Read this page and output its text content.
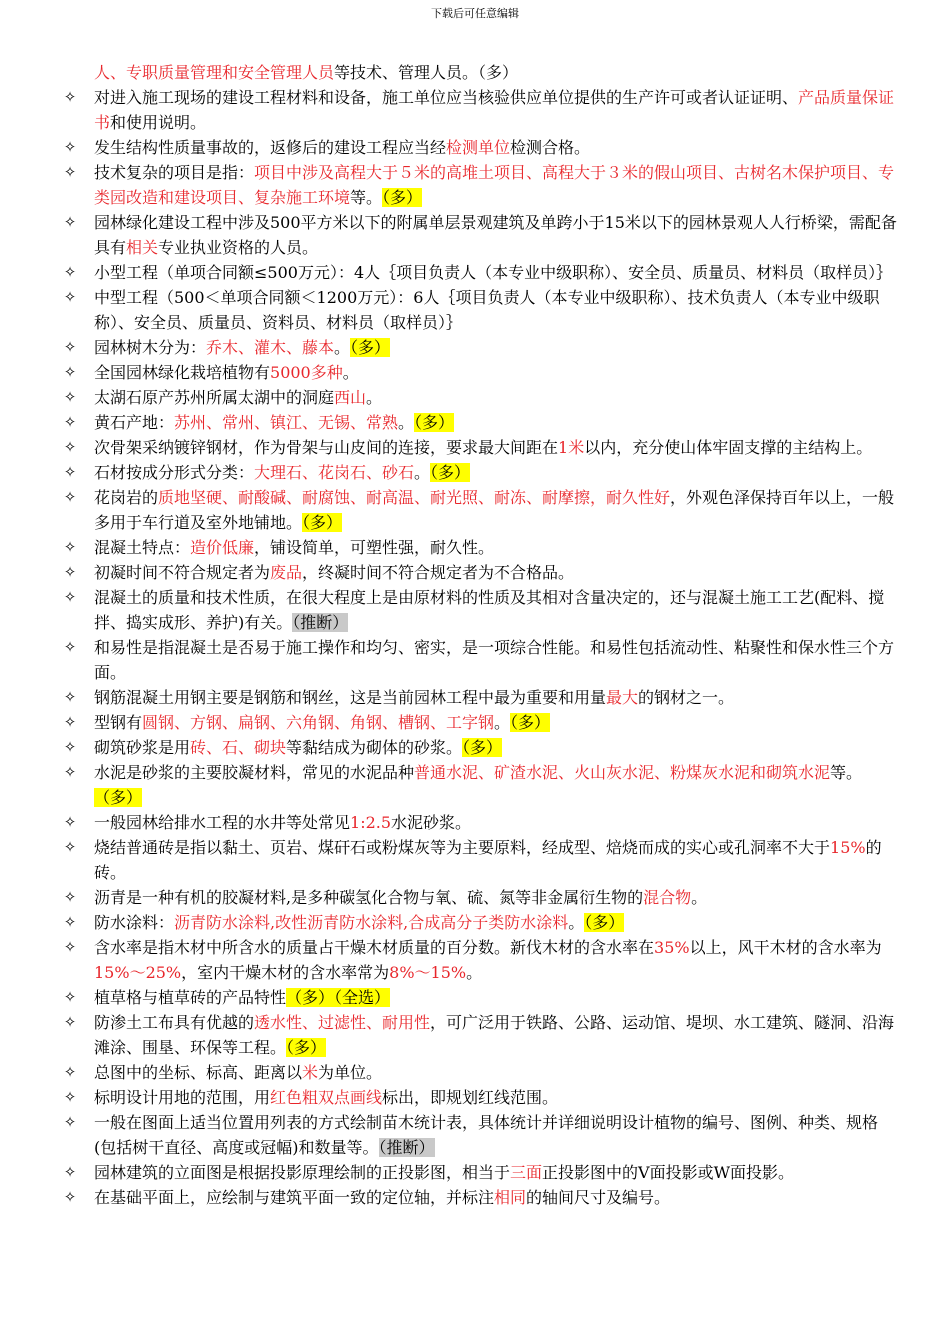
下载后可任意编辑
人、专职质量管理和安全管理人员等技术、管理人员。（多）
✧ 对进入施工现场的建设工程材料和设备，施工单位应当核验供应单位提供的生产许可或者认证证明、产品质量保证书和使用说明。
✧ 发生结构性质量事故的，返修后的建设工程应当经检测单位检测合格。
✧ 技术复杂的项目是指：项目中涉及高程大于５米的高堆土项目、高程大于３米的假山项目、古树名木保护项目、专类园改造和建设项目、复杂施工环境等。（多）
✧ 园林绿化建设工程中涉及500平方米以下的附属单层景观建筑及单跨小于15米以下的园林景观人人行桥梁，需配备具有相关专业执业资格的人员。
✧ 小型工程（单项合同额≤500万元）：4人｛项目负责人（本专业中级职称）、安全员、质量员、材料员（取样员）｝
✧ 中型工程（500＜单项合同额＜1200万元）：6人｛项目负责人（本专业中级职称）、技术负责人（本专业中级职称）、安全员、质量员、资料员、材料员（取样员）｝
✧ 园林树木分为：乔木、灌木、藤本。（多）
✧ 全国园林绿化栽培植物有5000多种。
✧ 太湖石原产苏州所属太湖中的洞庭西山。
✧ 黄石产地：苏州、常州、镇江、无锡、常熟。（多）
✧ 次骨架采纳镀锌钢材，作为骨架与山皮间的连接，要求最大间距在1米以内，充分使山体牢固支撑的主结构上。
✧ 石材按成分形式分类：大理石、花岗石、砂石。（多）
✧ 花岗岩的质地坚硬、耐酸碱、耐腐蚀、耐高温、耐光照、耐冻、耐摩擦，耐久性好，外观色泽保持百年以上，一般多用于车行道及室外地铺地。（多）
✧ 混凝土特点：造价低廉，铺设简单，可塑性强，耐久性。
✧ 初凝时间不符合规定者为废品，终凝时间不符合规定者为不合格品。
✧ 混凝土的质量和技术性质，在很大程度上是由原材料的性质及其相对含量决定的，还与混凝土施工工艺(配料、搅拌、捣实成形、养护)有关。（推断）
✧ 和易性是指混凝土是否易于施工操作和均匀、密实，是一项综合性能。和易性包括流动性、粘聚性和保水性三个方面。
✧ 钢筋混凝土用钢主要是钢筋和钢丝，这是当前园林工程中最为重要和用量最大的钢材之一。
✧ 型钢有圆钢、方钢、扁钢、六角钢、角钢、槽钢、工字钢。（多）
✧ 砌筑砂浆是用砖、石、砌块等黏结成为砌体的砂浆。（多）
✧ 水泥是砂浆的主要胶凝材料，常见的水泥品种普通水泥、矿渣水泥、火山灰水泥、粉煤灰水泥和砌筑水泥等。（多）
✧ 一般园林给排水工程的水井等处常见1:2.5水泥砂浆。
✧ 烧结普通砖是指以黏土、页岩、煤矸石或粉煤灰等为主要原料，经成型、焙烧而成的实心或孔洞率不大于15%的砖。
✧ 沥青是一种有机的胶凝材料,是多种碳氢化合物与氧、硫、氮等非金属衍生物的混合物。
✧ 防水涂料：沥青防水涂料,改性沥青防水涂料,合成高分子类防水涂料。（多）
✧ 含水率是指木材中所含水的质量占干燥木材质量的百分数。新伐木材的含水率在35%以上，风干木材的含水率为15%～25%，室内干燥木材的含水率常为8%～15%。
✧ 植草格与植草砖的产品特性（多）（全选）
✧ 防渗土工布具有优越的透水性、过滤性、耐用性，可广泛用于铁路、公路、运动馆、堤坝、水工建筑、隧洞、沿海滩涂、围垦、环保等工程。（多）
✧ 总图中的坐标、标高、距离以米为单位。
✧ 标明设计用地的范围，用红色粗双点画线标出，即规划红线范围。
✧ 一般在图面上适当位置用列表的方式绘制苗木统计表，具体统计并详细说明设计植物的编号、图例、种类、规格(包括树干直径、高度或冠幅)和数量等。（推断）
✧ 园林建筑的立面图是根据投影原理绘制的正投影图，相当于三面正投影图中的V面投影或W面投影。
✧ 在基础平面上，应绘制与建筑平面一致的定位轴，并标注相同的轴间尺寸及编号。
